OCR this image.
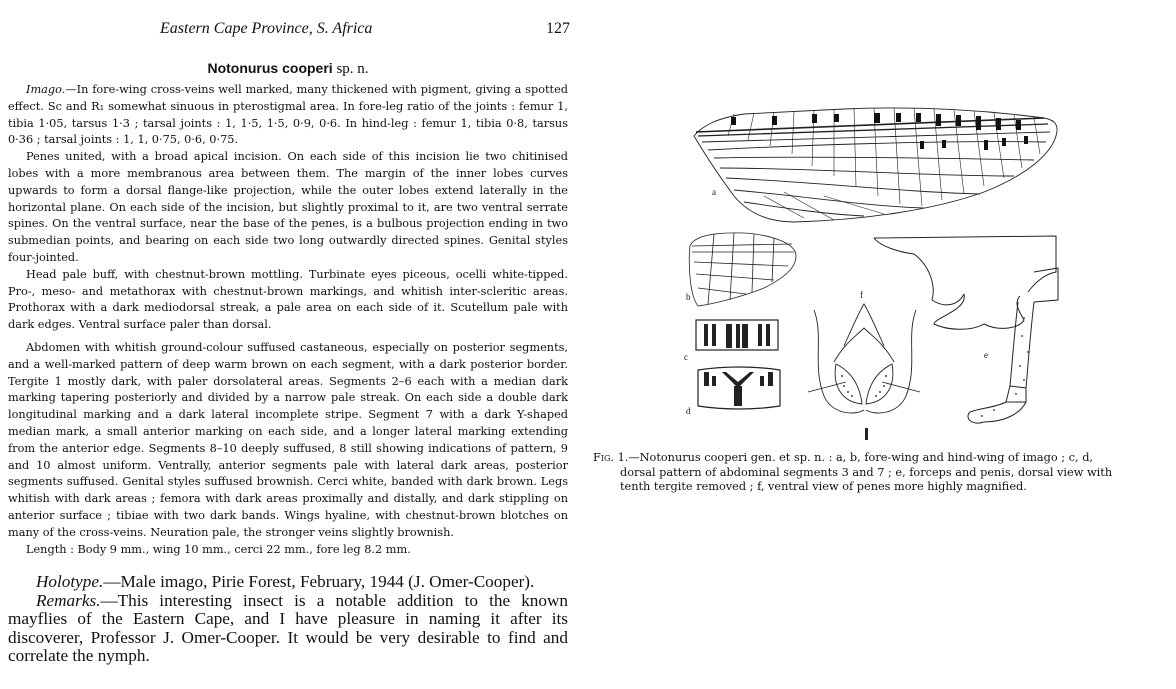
Eastern Cape Province, S. Africa	127
Notonurus cooperi sp. n.

Imago.—In fore-wing cross-veins well marked, many thickened with pigment, giving a spotted effect. Sc and R₁ somewhat sinuous in pterostigmal area. In fore-leg ratio of the joints : femur 1, tibia 1·05, tarsus 1·3 ; tarsal joints : 1, 1·5, 1·5, 0·9, 0·6. In hind-leg : femur 1, tibia 0·8, tarsus 0·36 ; tarsal joints : 1, 1, 0·75, 0·6, 0·75.

Penes united, with a broad apical incision. On each side of this incision lie two chitinised lobes with a more membranous area between them. The margin of the inner lobes curves upwards to form a dorsal flange-like projection, while the outer lobes extend laterally in the horizontal plane. On each side of the incision, but slightly proximal to it, are two ventral serrate spines. On the ventral surface, near the base of the penes, is a bulbous projection ending in two submedian points, and bearing on each side two long outwardly directed spines. Genital styles four-jointed.

Head pale buff, with chestnut-brown mottling. Turbinate eyes piceous, ocelli white-tipped. Pro-, meso- and metathorax with chestnut-brown markings, and whitish inter-scleritic areas. Prothorax with a dark mediodorsal streak, a pale area on each side of it. Scutellum pale with dark edges. Ventral surface paler than dorsal.

Abdomen with whitish ground-colour suffused castaneous, especially on posterior segments, and a well-marked pattern of deep warm brown on each segment, with a dark posterior border. Tergite 1 mostly dark, with paler dorsolateral areas. Segments 2–6 each with a median dark marking tapering posteriorly and divided by a narrow pale streak. On each side a double dark longitudinal marking and a dark lateral incomplete stripe. Segment 7 with a dark Y-shaped median mark, a small anterior marking on each side, and a longer lateral marking extending from the anterior edge. Segments 8–10 deeply suffused, 8 still showing indications of pattern, 9 and 10 almost uniform. Ventrally, anterior segments pale with lateral dark areas, posterior segments suffused. Genital styles suffused brownish. Cerci white, banded with dark brown. Legs whitish with dark areas ; femora with dark areas proximally and distally, and dark stippling on anterior surface ; tibiae with two dark bands. Wings hyaline, with chestnut-brown blotches on many of the cross-veins. Neuration pale, the stronger veins slightly brownish.

Length : Body 9 mm., wing 10 mm., cerci 22 mm., fore leg 8.2 mm.

Holotype.—Male imago, Pirie Forest, February, 1944 (J. Omer-Cooper).

Remarks.—This interesting insect is a notable addition to the known mayflies of the Eastern Cape, and I have pleasure in naming it after its discoverer, Professor J. Omer-Cooper. It would be very desirable to find and correlate the nymph.

a
b
c
d
f
e
Fig. 1.—Notonurus cooperi gen. et sp. n. : a, b, fore-wing and hind-wing of imago ; c, d,
dorsal pattern of abdominal segments 3 and 7 ; e, forceps and penis, dorsal view with
tenth tergite removed ; f, ventral view of penes more highly magnified.
